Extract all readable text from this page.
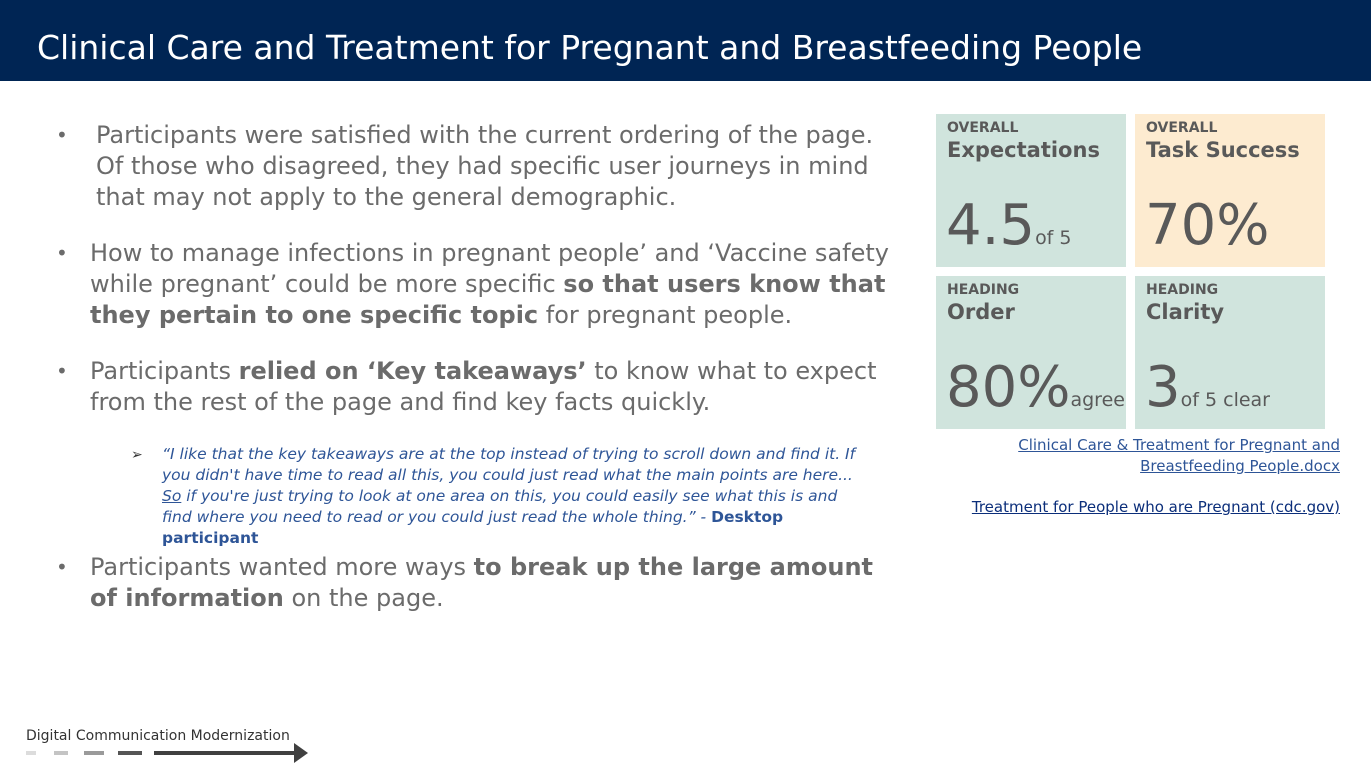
Clinical Care and Treatment for Pregnant and Breastfeeding People
• Participants were satisfied with the current ordering of the page. Of those who disagreed, they had specific user journeys in mind that may not apply to the general demographic.
• How to manage infections in pregnant people’ and ‘Vaccine safety while pregnant’ could be more specific so that users know that they pertain to one specific topic for pregnant people.
• Participants relied on ‘Key takeaways’ to know what to expect from the rest of the page and find key facts quickly.
• Participants wanted more ways to break up the large amount of information on the page.
➢ “I like that the key takeaways are at the top instead of trying to scroll down and find it. If you didn't have time to read all this, you could just read what the main points are here... So if you're just trying to look at one area on this, you could easily see what this is and find where you need to read or you could just read the whole thing.” - Desktop participant
OVERALL
Expectations
4.5of 5
OVERALL
Task Success
70%
HEADING
Order
80%agree
HEADING
Clarity
3of 5 clear
Clinical Care & Treatment for Pregnant and Breastfeeding People.docx
Treatment for People who are Pregnant (cdc.gov)
Digital Communication Modernization
